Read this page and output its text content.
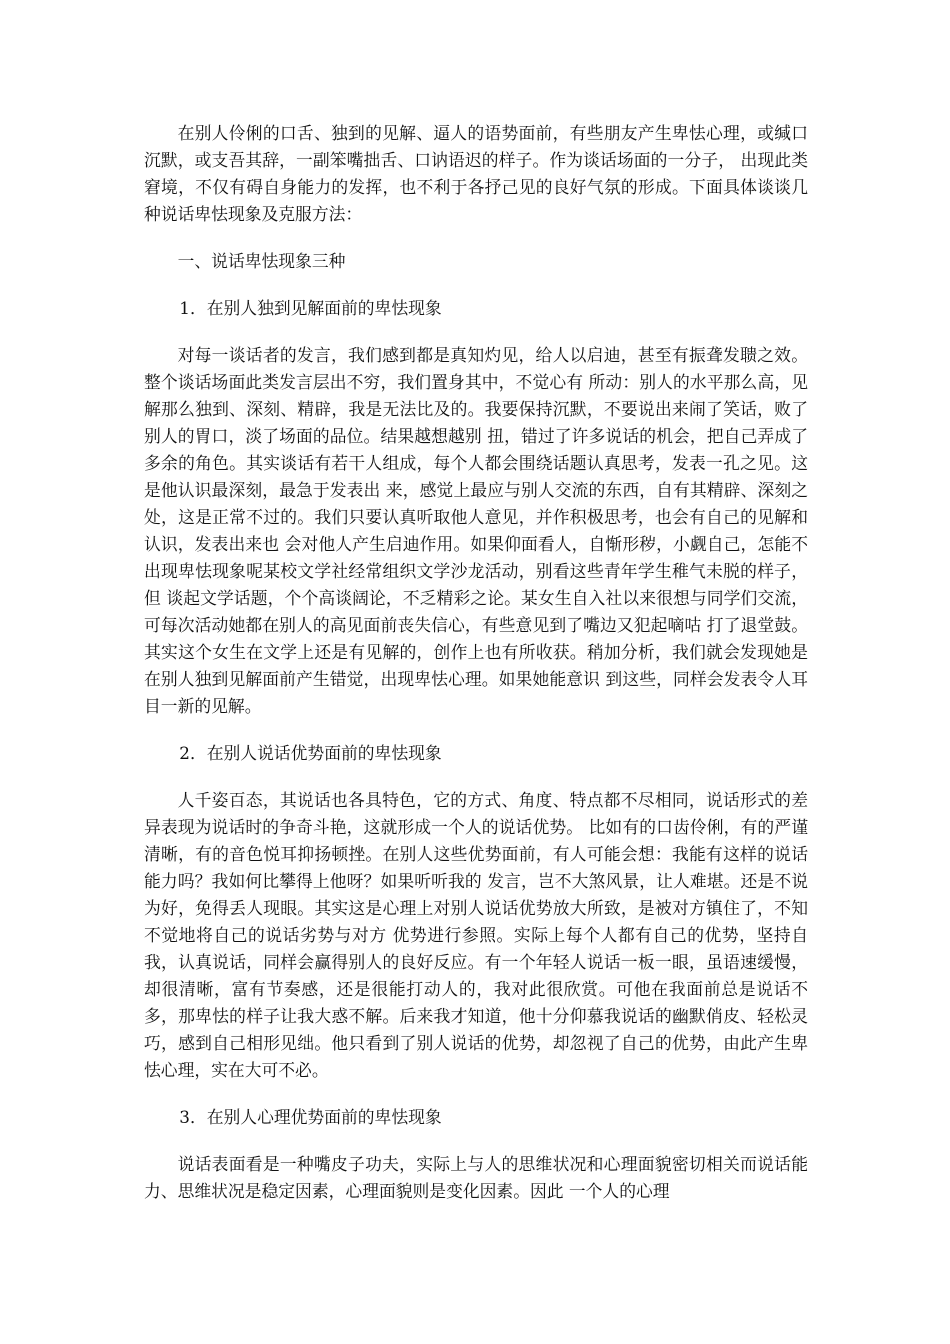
在别人伶俐的口舌、独到的见解、逼人的语势面前，有些朋友产生卑怯心理，或缄口沉默，或支吾其辞，一副笨嘴拙舌、口讷语迟的样子。作为谈话场面的一分子， 出现此类窘境，不仅有碍自身能力的发挥，也不利于各抒己见的良好气氛的形成。下面具体谈谈几种说话卑怯现象及克服方法：

一、说话卑怯现象三种

1．在别人独到见解面前的卑怯现象

对每一谈话者的发言，我们感到都是真知灼见，给人以启迪，甚至有振聋发聩之效。整个谈话场面此类发言层出不穷，我们置身其中，不觉心有 所动：别人的水平那么高，见解那么独到、深刻、精辟，我是无法比及的。我要保持沉默，不要说出来闹了笑话，败了别人的胃口，淡了场面的品位。结果越想越别 扭，错过了许多说话的机会，把自己弄成了多余的角色。其实谈话有若干人组成，每个人都会围绕话题认真思考，发表一孔之见。这是他认识最深刻，最急于发表出 来，感觉上最应与别人交流的东西，自有其精辟、深刻之处，这是正常不过的。我们只要认真听取他人意见，并作积极思考，也会有自己的见解和认识，发表出来也 会对他人产生启迪作用。如果仰面看人，自惭形秽，小觑自己，怎能不出现卑怯现象呢某校文学社经常组织文学沙龙活动，别看这些青年学生稚气未脱的样子，但 谈起文学话题，个个高谈阔论，不乏精彩之论。某女生自入社以来很想与同学们交流，可每次活动她都在别人的高见面前丧失信心，有些意见到了嘴边又犯起嘀咕 打了退堂鼓。其实这个女生在文学上还是有见解的，创作上也有所收获。稍加分析，我们就会发现她是在别人独到见解面前产生错觉，出现卑怯心理。如果她能意识 到这些，同样会发表令人耳目一新的见解。

2．在别人说话优势面前的卑怯现象

人千姿百态，其说话也各具特色，它的方式、角度、特点都不尽相同，说话形式的差异表现为说话时的争奇斗艳，这就形成一个人的说话优势。 比如有的口齿伶俐，有的严谨清晰，有的音色悦耳抑扬顿挫。在别人这些优势面前，有人可能会想：我能有这样的说话能力吗？我如何比攀得上他呀？如果听听我的 发言，岂不大煞风景，让人难堪。还是不说为好，免得丢人现眼。其实这是心理上对别人说话优势放大所致，是被对方镇住了，不知不觉地将自己的说话劣势与对方 优势进行参照。实际上每个人都有自己的优势，坚持自我，认真说话，同样会赢得别人的良好反应。有一个年轻人说话一板一眼，虽语速缓慢，却很清晰，富有节奏感，还是很能打动人的，我对此很欣赏。可他在我面前总是说话不多，那卑怯的样子让我大惑不解。后来我才知道，他十分仰慕我说话的幽默俏皮、轻松灵巧，感到自己相形见绌。他只看到了别人说话的优势，却忽视了自己的优势，由此产生卑怯心理，实在大可不必。

3．在别人心理优势面前的卑怯现象

说话表面看是一种嘴皮子功夫，实际上与人的思维状况和心理面貌密切相关而说话能力、思维状况是稳定因素，心理面貌则是变化因素。因此 一个人的心理
